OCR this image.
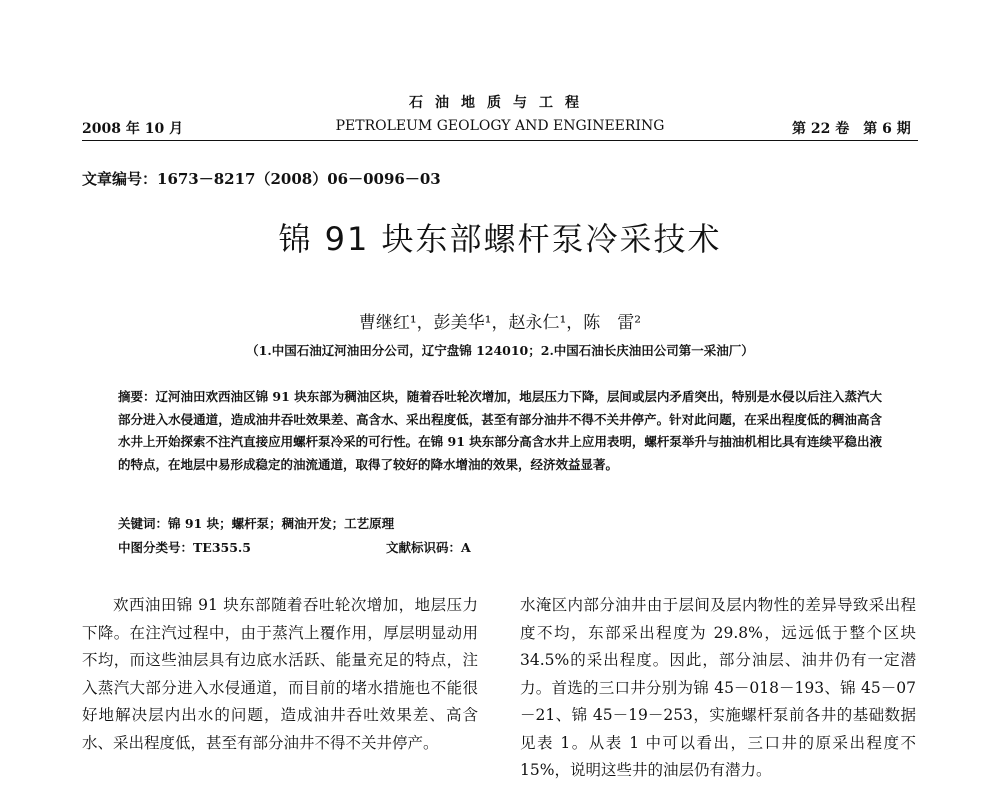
石油地质与工程
2008 年 10 月	PETROLEUM GEOLOGY AND ENGINEERING	第 22 卷　第 6 期
文章编号：1673－8217（2008）06－0096－03
锦 91 块东部螺杆泵冷采技术
曹继红¹，彭美华¹，赵永仁¹，陈　雷²
（1.中国石油辽河油田分公司，辽宁盘锦 124010；2.中国石油长庆油田公司第一采油厂）
摘要：辽河油田欢西油区锦 91 块东部为稠油区块，随着吞吐轮次增加，地层压力下降，层间或层内矛盾突出，特别是水侵以后注入蒸汽大部分进入水侵通道，造成油井吞吐效果差、高含水、采出程度低，甚至有部分油井不得不关井停产。针对此问题，在采出程度低的稠油高含水井上开始探索不注汽直接应用螺杆泵冷采的可行性。在锦 91 块东部分高含水井上应用表明，螺杆泵举升与抽油机相比具有连续平稳出液的特点，在地层中易形成稳定的油流通道，取得了较好的降水增油的效果，经济效益显著。
关键词：锦 91 块；螺杆泵；稠油开发；工艺原理
中图分类号：TE355.5	文献标识码：A
欢西油田锦 91 块东部随着吞吐轮次增加，地层压力下降。在注汽过程中，由于蒸汽上覆作用，厚层明显动用不均，而这些油层具有边底水活跃、能量充足的特点，注入蒸汽大部分进入水侵通道，而目前的堵水措施也不能很好地解决层内出水的问题，造成油井吞吐效果差、高含水、采出程度低，甚至有部分油井不得不关井停产。
水淹区内部分油井由于层间及层内物性的差异导致采出程度不均，东部采出程度为 29.8%，远远低于整个区块 34.5%的采出程度。因此，部分油层、油井仍有一定潜力。首选的三口井分别为锦 45－018－193、锦 45－07－21、锦 45－19－253，实施螺杆泵前各井的基础数据见表 1。从表 1 中可以看出，三口井的原采出程度不 15%，说明这些井的油层仍有潜力。
